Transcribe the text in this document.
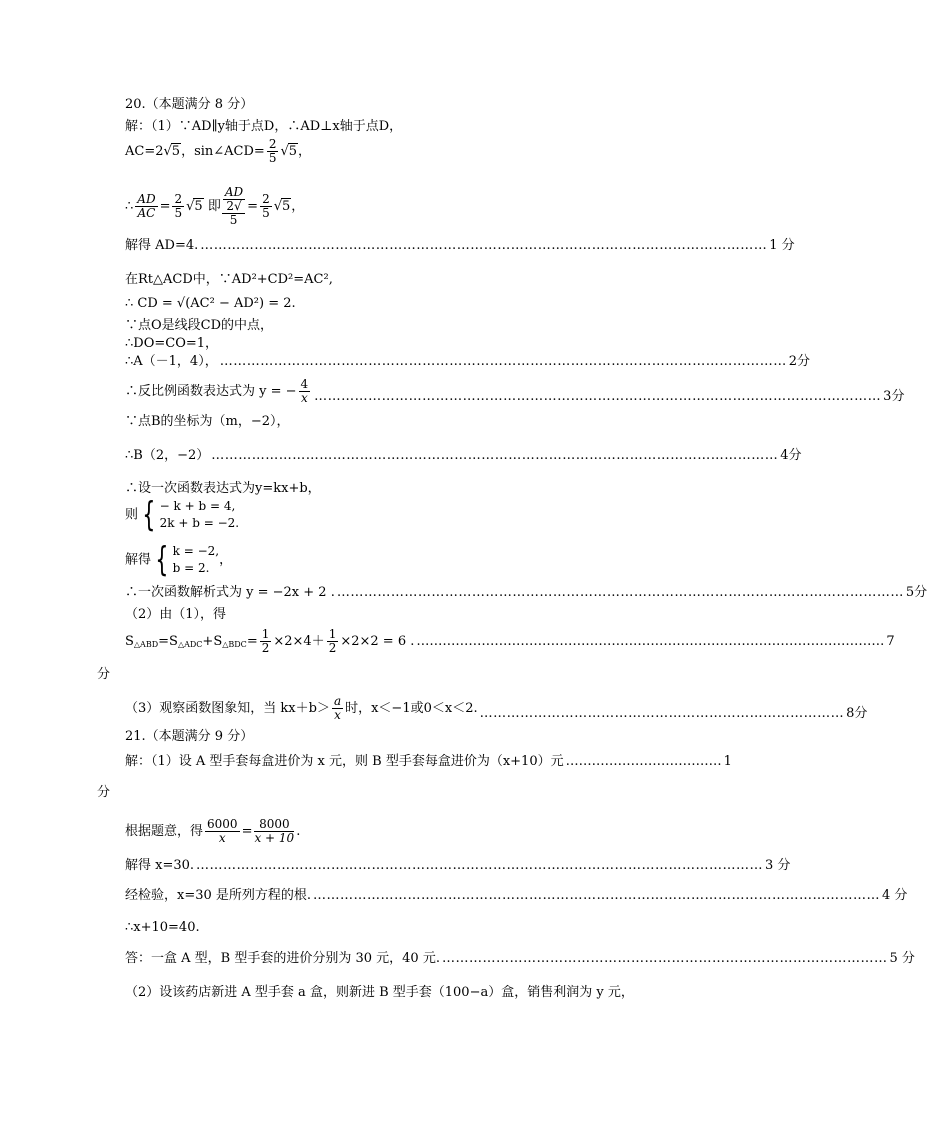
20.（本题满分 8 分）
解：（1）∵AD∥y轴于点D，∴AD⊥x轴于点D，
AC=2√5，sin∠ACD= $\frac{2}{5} √5$，
∴ $\frac{AD}{AC} = \frac{2}{5} √5$ 即 AD
2√
$5 = \frac{2}{5} √5$，
解得 AD=4. ……………………………………………………………………………………………………………… 1 分
在Rt△ACD中，∵AD²+CD²=AC²,
∴ CD = √(AC² − AD²) = 2.
∵点O是线段CD的中点，
∴DO=CO=1，
∴A（－1，4）， ……………………………………………………………………………………………………………… 2分
∴反比例函数表达式为 y = − $\frac{4}{x}$ ……………………………………………………………………………………………………………… 3分
∵点B的坐标为（m，−2），
∴B（2，−2） ……………………………………………………………………………………………………………… 4分
∴设一次函数表达式为y=kx+b，
则 { − k + b = 4,
2k + b = −2.
解得 { k = −2,
b = 2.
，
∴一次函数解析式为 y = −2x + 2 . ……………………………………………………………………………………………………………… 5分
（2）由（1），得
$S_{\triangle ABD}=S_{\triangle ADC}+S_{\triangle BDC}= \frac{1}{2} \times 2\times 4+ \frac{1}{2} \times 2\times 2 = 6$ . ……………………………………………………………………………………………… 7
分
（3）观察函数图象知，当 $kx+b> \frac{a}{x}$ 时，x＜−1或0＜x＜2. ……………………………………………………………………… 8分
21.（本题满分 9 分）
解：（1）设 A 型手套每盒进价为 x 元，则 B 型手套每盒进价为（x+10）元 ……………………………… 1
分
根据题意，得 $\frac{6000}{x} = \frac{8000}{x + 10}$ .
解得 x=30. ……………………………………………………………………………………………………………… 3 分
经检验，x=30 是所列方程的根. ……………………………………………………………………………………………………………… 4 分
∴x+10=40.
答：一盒 A 型，B 型手套的进价分别为 30 元，40 元. ……………………………………………………………………………………… 5 分
（2）设该药店新进 A 型手套 a 盒，则新进 B 型手套（100−a）盒，销售利润为 y 元，
